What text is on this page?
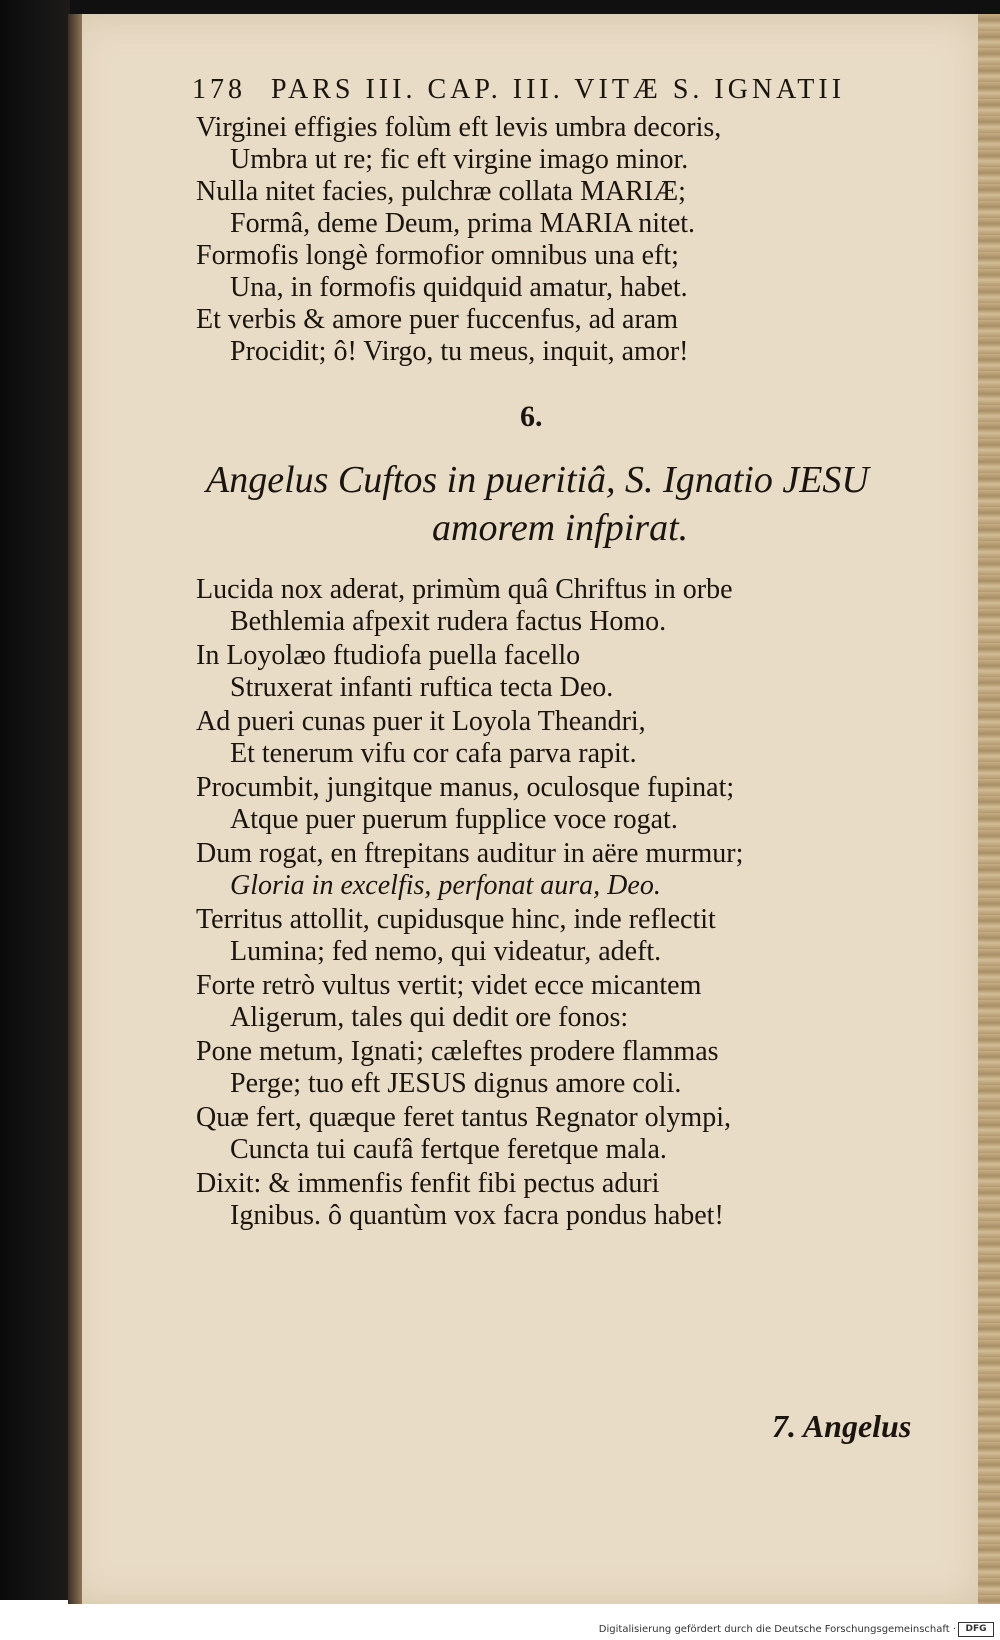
178 PARS III. CAP. III. VITÆ S. IGNATII
Virginei effigies folùm eft levis umbra decoris,
Umbra ut re; fic eft virgine imago minor.
Nulla nitet facies, pulchræ collata MARIÆ;
Formâ, deme Deum, prima MARIA nitet.
Formofis longè formofior omnibus una eft;
Una, in formofis quidquid amatur, habet.
Et verbis & amore puer fuccenfus, ad aram
Procidit; ô! Virgo, tu meus, inquit, amor!
6.
Angelus Cuftos in pueritiâ, S. Ignatio JESU
amorem infpirat.
Lucida nox aderat, primùm quâ Chriftus in orbe
Bethlemia afpexit rudera factus Homo.
In Loyolæo ftudiofa puella facello
Struxerat infanti ruftica tecta Deo.
Ad pueri cunas puer it Loyola Theandri,
Et tenerum vifu cor cafa parva rapit.
Procumbit, jungitque manus, oculosque fupinat;
Atque puer puerum fupplice voce rogat.
Dum rogat, en ftrepitans auditur in aëre murmur;
Gloria in excelfis, perfonat aura, Deo.
Territus attollit, cupidusque hinc, inde reflectit
Lumina; fed nemo, qui videatur, adeft.
Forte retrò vultus vertit; videt ecce micantem
Aligerum, tales qui dedit ore fonos:
Pone metum, Ignati; cæleftes prodere flammas
Perge; tuo eft JESUS dignus amore coli.
Quæ fert, quæque feret tantus Regnator olympi,
Cuncta tui caufâ fertque feretque mala.
Dixit: & immenfis fenfit fibi pectus aduri
Ignibus. ô quantùm vox facra pondus habet!
7. Angelus
Digitalisierung gefördert durch die Deutsche Forschungsgemeinschaft ·	DFG
